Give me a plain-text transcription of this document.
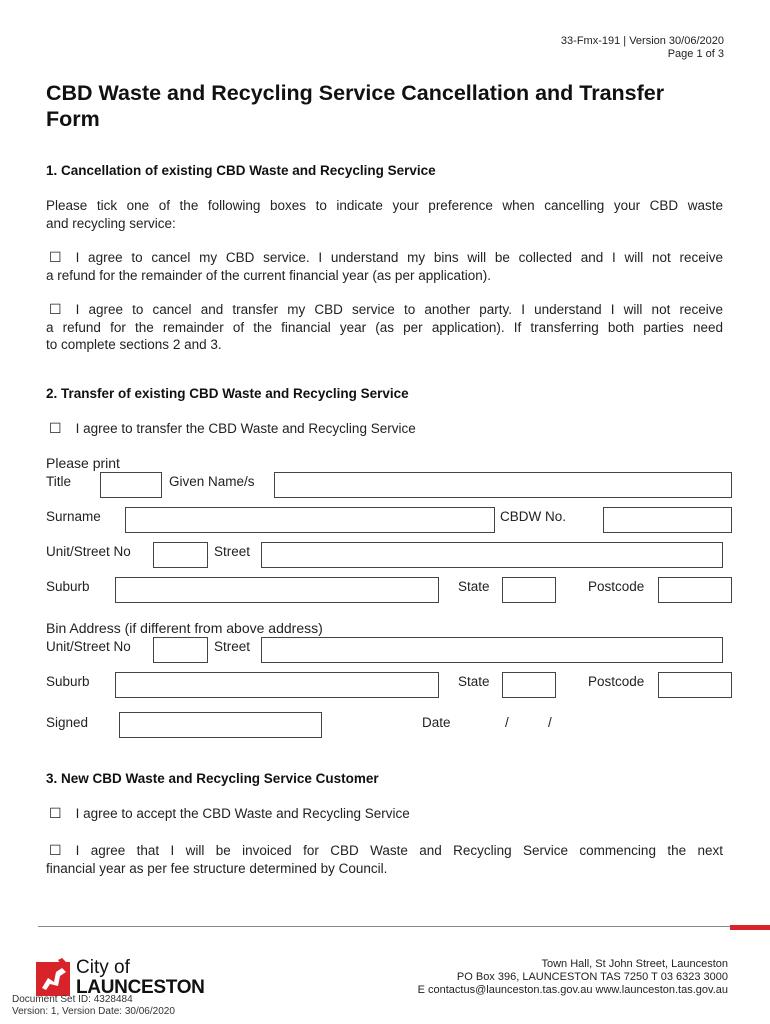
33-Fmx-191 | Version 30/06/2020
Page 1 of 3
CBD Waste and Recycling Service Cancellation and Transfer
Form
1. Cancellation of existing CBD Waste and Recycling Service
Please tick one of the following boxes to indicate your preference when cancelling your CBD waste
and recycling service:
☐ I agree to cancel my CBD service. I understand my bins will be collected and I will not receive
a refund for the remainder of the current financial year (as per application).
☐ I agree to cancel and transfer my CBD service to another party. I understand I will not receive
a refund for the remainder of the financial year (as per application). If transferring both parties need
to complete sections 2 and 3.
2. Transfer of existing CBD Waste and Recycling Service
☐ I agree to transfer the CBD Waste and Recycling Service
Please print
Title	Given Name/s
Surname	CBDW No.
Unit/Street No	Street
Suburb	State	Postcode
Bin Address (if different from above address)
Unit/Street No	Street
Suburb	State	Postcode
Signed	Date	/	/
3. New CBD Waste and Recycling Service Customer
☐ I agree to accept the CBD Waste and Recycling Service
☐ I agree that I will be invoiced for CBD Waste and Recycling Service commencing the next
financial year as per fee structure determined by Council.
City of
LAUNCESTON
Town Hall, St John Street, Launceston
PO Box 396, LAUNCESTON TAS 7250 T 03 6323 3000
E contactus@launceston.tas.gov.au www.launceston.tas.gov.au
Document Set ID: 4328484
Version: 1, Version Date: 30/06/2020
